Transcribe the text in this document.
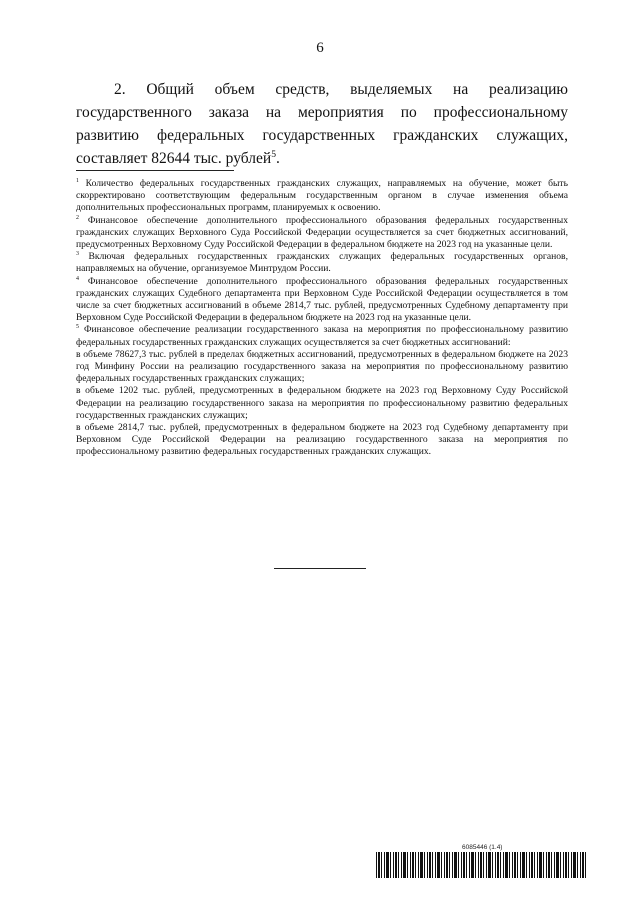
6

2. Общий объем средств, выделяемых на реализацию государственного заказа на мероприятия по профессиональному развитию федеральных государственных гражданских служащих, составляет 82644 тыс. рублей$^5$.

$^1$ Количество федеральных государственных гражданских служащих, направляемых на обучение, может быть скорректировано соответствующим федеральным государственным органом в случае изменения объема дополнительных профессиональных программ, планируемых к освоению.

$^2$ Финансовое обеспечение дополнительного профессионального образования федеральных государственных гражданских служащих Верховного Суда Российской Федерации осуществляется за счет бюджетных ассигнований, предусмотренных Верховному Суду Российской Федерации в федеральном бюджете на 2023 год на указанные цели.

$^3$ Включая федеральных государственных гражданских служащих федеральных государственных органов, направляемых на обучение, организуемое Минтрудом России.

$^4$ Финансовое обеспечение дополнительного профессионального образования федеральных государственных гражданских служащих Судебного департамента при Верховном Суде Российской Федерации осуществляется в том числе за счет бюджетных ассигнований в объеме 2814,7 тыс. рублей, предусмотренных Судебному департаменту при Верховном Суде Российской Федерации в федеральном бюджете на 2023 год на указанные цели.

$^5$ Финансовое обеспечение реализации государственного заказа на мероприятия по профессиональному развитию федеральных государственных гражданских служащих осуществляется за счет бюджетных ассигнований:

в объеме 78627,3 тыс. рублей в пределах бюджетных ассигнований, предусмотренных в федеральном бюджете на 2023 год Минфину России на реализацию государственного заказа на мероприятия по профессиональному развитию федеральных государственных гражданских служащих;

в объеме 1202 тыс. рублей, предусмотренных в федеральном бюджете на 2023 год Верховному Суду Российской Федерации на реализацию государственного заказа на мероприятия по профессиональному развитию федеральных государственных гражданских служащих;

в объеме 2814,7 тыс. рублей, предусмотренных в федеральном бюджете на 2023 год Судебному департаменту при Верховном Суде Российской Федерации на реализацию государственного заказа на мероприятия по профессиональному развитию федеральных государственных гражданских служащих.

6085446 (1.4)
